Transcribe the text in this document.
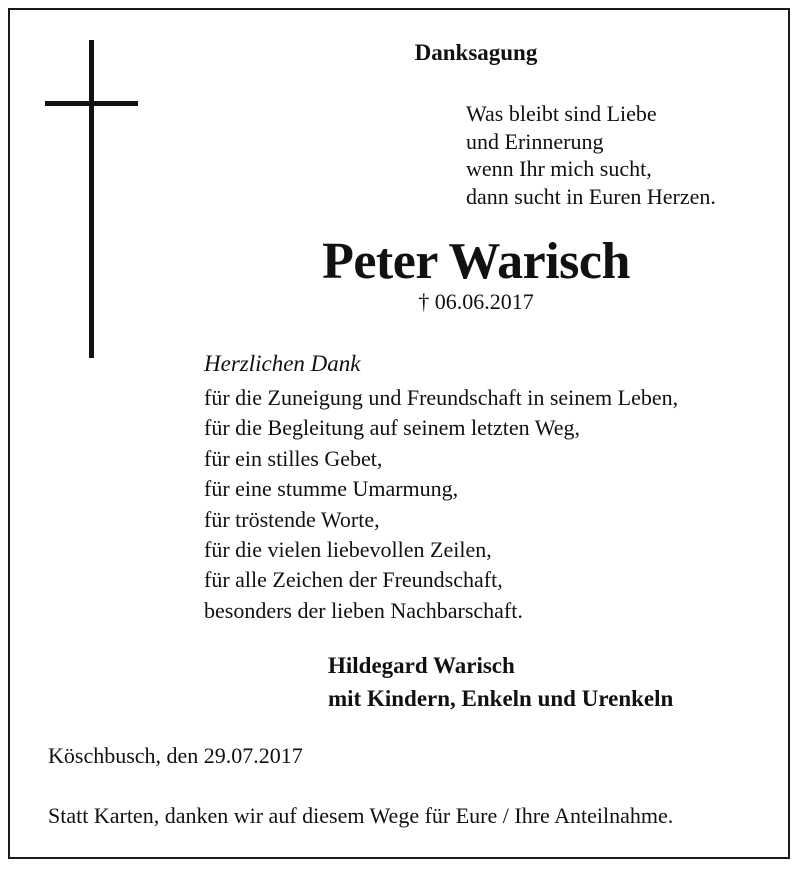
Danksagung
Was bleibt sind Liebe
und Erinnerung
wenn Ihr mich sucht,
dann sucht in Euren Herzen.
Peter Warisch
† 06.06.2017
Herzlichen Dank
für die Zuneigung und Freundschaft in seinem Leben,
für die Begleitung auf seinem letzten Weg,
für ein stilles Gebet,
für eine stumme Umarmung,
für tröstende Worte,
für die vielen liebevollen Zeilen,
für alle Zeichen der Freundschaft,
besonders der lieben Nachbarschaft.
Hildegard Warisch
mit Kindern, Enkeln und Urenkeln
Köschbusch, den 29.07.2017
Statt Karten, danken wir auf diesem Wege für Eure / Ihre Anteilnahme.
